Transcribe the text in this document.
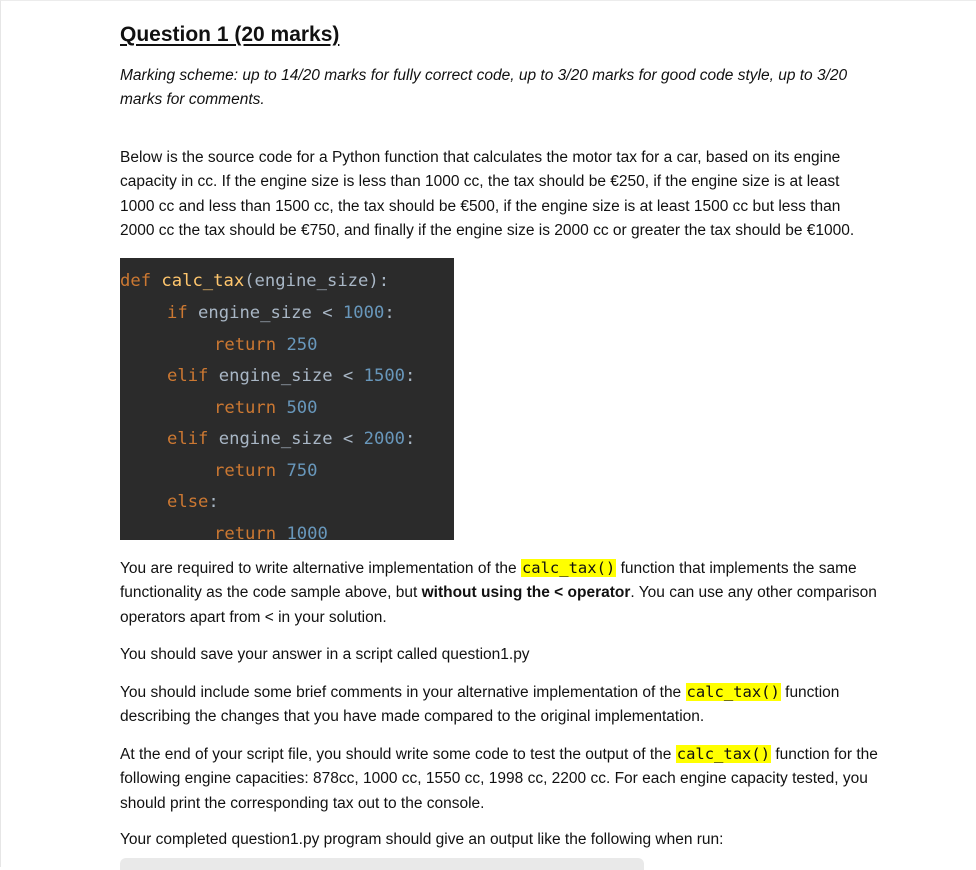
Question 1 (20 marks)

Marking scheme: up to 14/20 marks for fully correct code, up to 3/20 marks for good code style, up to 3/20 marks for comments.

Below is the source code for a Python function that calculates the motor tax for a car, based on its engine capacity in cc. If the engine size is less than 1000 cc, the tax should be €250, if the engine size is at least 1000 cc and less than 1500 cc, the tax should be €500, if the engine size is at least 1500 cc but less than 2000 cc the tax should be €750, and finally if the engine size is 2000 cc or greater the tax should be €1000.

def calc_tax(engine_size):
if engine_size < 1000:
return 250
elif engine_size < 1500:
return 500
elif engine_size < 2000:
return 750
else:
return 1000

You are required to write alternative implementation of the calc_tax() function that implements the same functionality as the code sample above, but without using the < operator. You can use any other comparison operators apart from < in your solution.

You should save your answer in a script called question1.py

You should include some brief comments in your alternative implementation of the calc_tax() function describing the changes that you have made compared to the original implementation.

At the end of your script file, you should write some code to test the output of the calc_tax() function for the following engine capacities: 878cc, 1000 cc, 1550 cc, 1998 cc, 2200 cc. For each engine capacity tested, you should print the corresponding tax out to the console.

Your completed question1.py program should give an output like the following when run:
